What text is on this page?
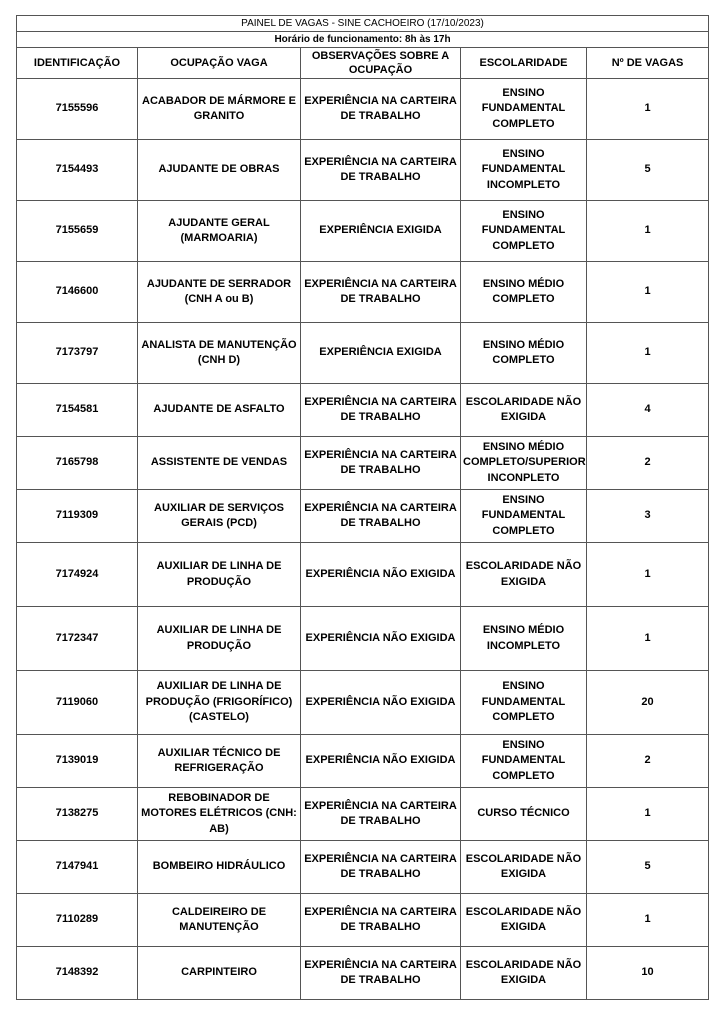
PAINEL DE VAGAS - SINE CACHOEIRO (17/10/2023)				
Horário de funcionamento: 8h às 17h				
IDENTIFICAÇÃO	OCUPAÇÃO VAGA	OBSERVAÇÕES SOBRE A OCUPAÇÃO	ESCOLARIDADE	Nº DE VAGAS
7155596	ACABADOR DE MÁRMORE E GRANITO	EXPERIÊNCIA NA CARTEIRA DE TRABALHO	ENSINO FUNDAMENTAL COMPLETO	1
7154493	AJUDANTE DE OBRAS	EXPERIÊNCIA NA CARTEIRA DE TRABALHO	ENSINO FUNDAMENTAL INCOMPLETO	5
7155659	AJUDANTE GERAL (MARMOARIA)	EXPERIÊNCIA EXIGIDA	ENSINO FUNDAMENTAL COMPLETO	1
7146600	AJUDANTE DE SERRADOR (CNH A ou B)	EXPERIÊNCIA NA CARTEIRA DE TRABALHO	ENSINO MÉDIO COMPLETO	1
7173797	ANALISTA DE MANUTENÇÃO (CNH D)	EXPERIÊNCIA EXIGIDA	ENSINO MÉDIO COMPLETO	1
7154581	AJUDANTE DE ASFALTO	EXPERIÊNCIA NA CARTEIRA DE TRABALHO	ESCOLARIDADE NÃO EXIGIDA	4
7165798	ASSISTENTE DE VENDAS	EXPERIÊNCIA NA CARTEIRA DE TRABALHO	ENSINO MÉDIO COMPLETO/SUPERIOR INCONPLETO	2
7119309	AUXILIAR DE SERVIÇOS GERAIS (PCD)	EXPERIÊNCIA NA CARTEIRA DE TRABALHO	ENSINO FUNDAMENTAL COMPLETO	3
7174924	AUXILIAR DE LINHA DE PRODUÇÃO	EXPERIÊNCIA NÃO EXIGIDA	ESCOLARIDADE NÃO EXIGIDA	1
7172347	AUXILIAR DE LINHA DE PRODUÇÃO	EXPERIÊNCIA NÃO EXIGIDA	ENSINO MÉDIO INCOMPLETO	1
7119060	AUXILIAR DE LINHA DE PRODUÇÃO (FRIGORÍFICO) (CASTELO)	EXPERIÊNCIA NÃO EXIGIDA	ENSINO FUNDAMENTAL COMPLETO	20
7139019	AUXILIAR TÉCNICO DE REFRIGERAÇÃO	EXPERIÊNCIA NÃO EXIGIDA	ENSINO FUNDAMENTAL COMPLETO	2
7138275	REBOBINADOR DE MOTORES ELÉTRICOS (CNH: AB)	EXPERIÊNCIA NA CARTEIRA DE TRABALHO	CURSO TÉCNICO	1
7147941	BOMBEIRO HIDRÁULICO	EXPERIÊNCIA NA CARTEIRA DE TRABALHO	ESCOLARIDADE NÃO EXIGIDA	5
7110289	CALDEIREIRO DE MANUTENÇÃO	EXPERIÊNCIA NA CARTEIRA DE TRABALHO	ESCOLARIDADE NÃO EXIGIDA	1
7148392	CARPINTEIRO	EXPERIÊNCIA NA CARTEIRA DE TRABALHO	ESCOLARIDADE NÃO EXIGIDA	10
